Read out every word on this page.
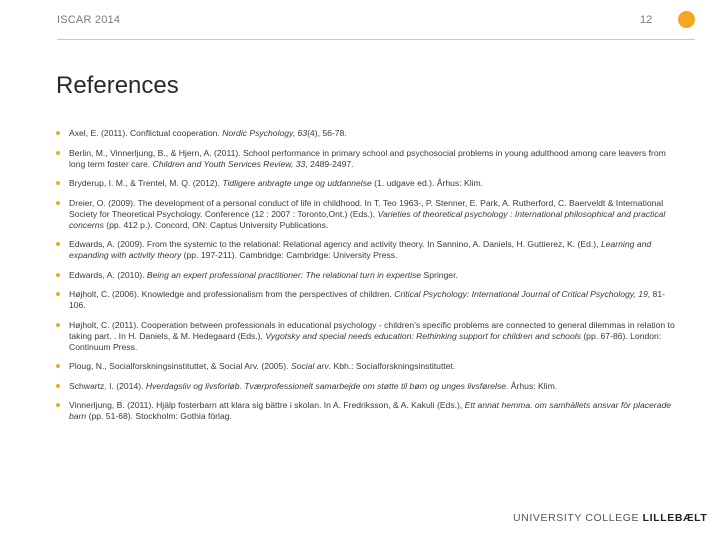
ISCAR 2014	12
References
Axel, E. (2011). Conflictual cooperation. Nordic Psychology, 63(4), 56-78.
Berlin, M., Vinnerljung, B., & Hjern, A. (2011). School performance in primary school and psychosocial problems in young adulthood among care leavers from long term foster care. Children and Youth Services Review, 33, 2489-2497.
Bryderup, I. M., & Trentel, M. Q. (2012). Tidligere anbragte unge og uddannelse (1. udgave ed.). Århus: Klim.
Dreier, O. (2009). The development of a personal conduct of life in childhood. In T. Teo 1963-, P. Stenner, E. Park, A. Rutherford, C. Baerveldt & International Society for Theoretical Psychology. Conference (12 : 2007 : Toronto,Ont.) (Eds.), Varieties of theoretical psychology : International philosophical and practical concerns (pp. 412 p.). Concord, ON: Captus University Publications.
Edwards, A. (2009). From the systemic to the relational: Relational agency and activity theory. In Sannino, A. Daniels, H. Guttierez, K. (Ed.), Learning and expanding with activity theory (pp. 197-211). Cambridge: Cambridge: University Press.
Edwards, A. (2010). Being an expert professional practitioner: The relational turn in expertise Springer.
Højholt, C. (2006). Knowledge and professionalism from the perspectives of children. Critical Psychology: International Journal of Critical Psychology, 19, 81-106.
Højholt, C. (2011). Cooperation between professionals in educational psychology - children's specific problems are connected to general dilemmas in relation to taking part. . In H. Daniels, & M. Hedegaard (Eds.), Vygotsky and special needs education: Rethinking support for children and schools (pp. 67-86). London: Continuum Press.
Ploug, N., Socialforskningsinstituttet, & Social Arv. (2005). Social arv. Kbh.: Socialforskningsinstituttet.
Schwartz, I. (2014). Hverdagsliv og livsforløb. Tværprofessionelt samarbejde om støtte til børn og unges livsførelse. Århus: Klim.
Vinnerljung, B. (2011). Hjälp fosterbarn att klara sig bättre i skolan. In A. Fredriksson, & A. Kakuli (Eds.), Ett annat hemma. om samhällets ansvar för placerade barn (pp. 51-68). Stockholm: Gothia förlag.
UNIVERSITY COLLEGE LILLEBÆLT
